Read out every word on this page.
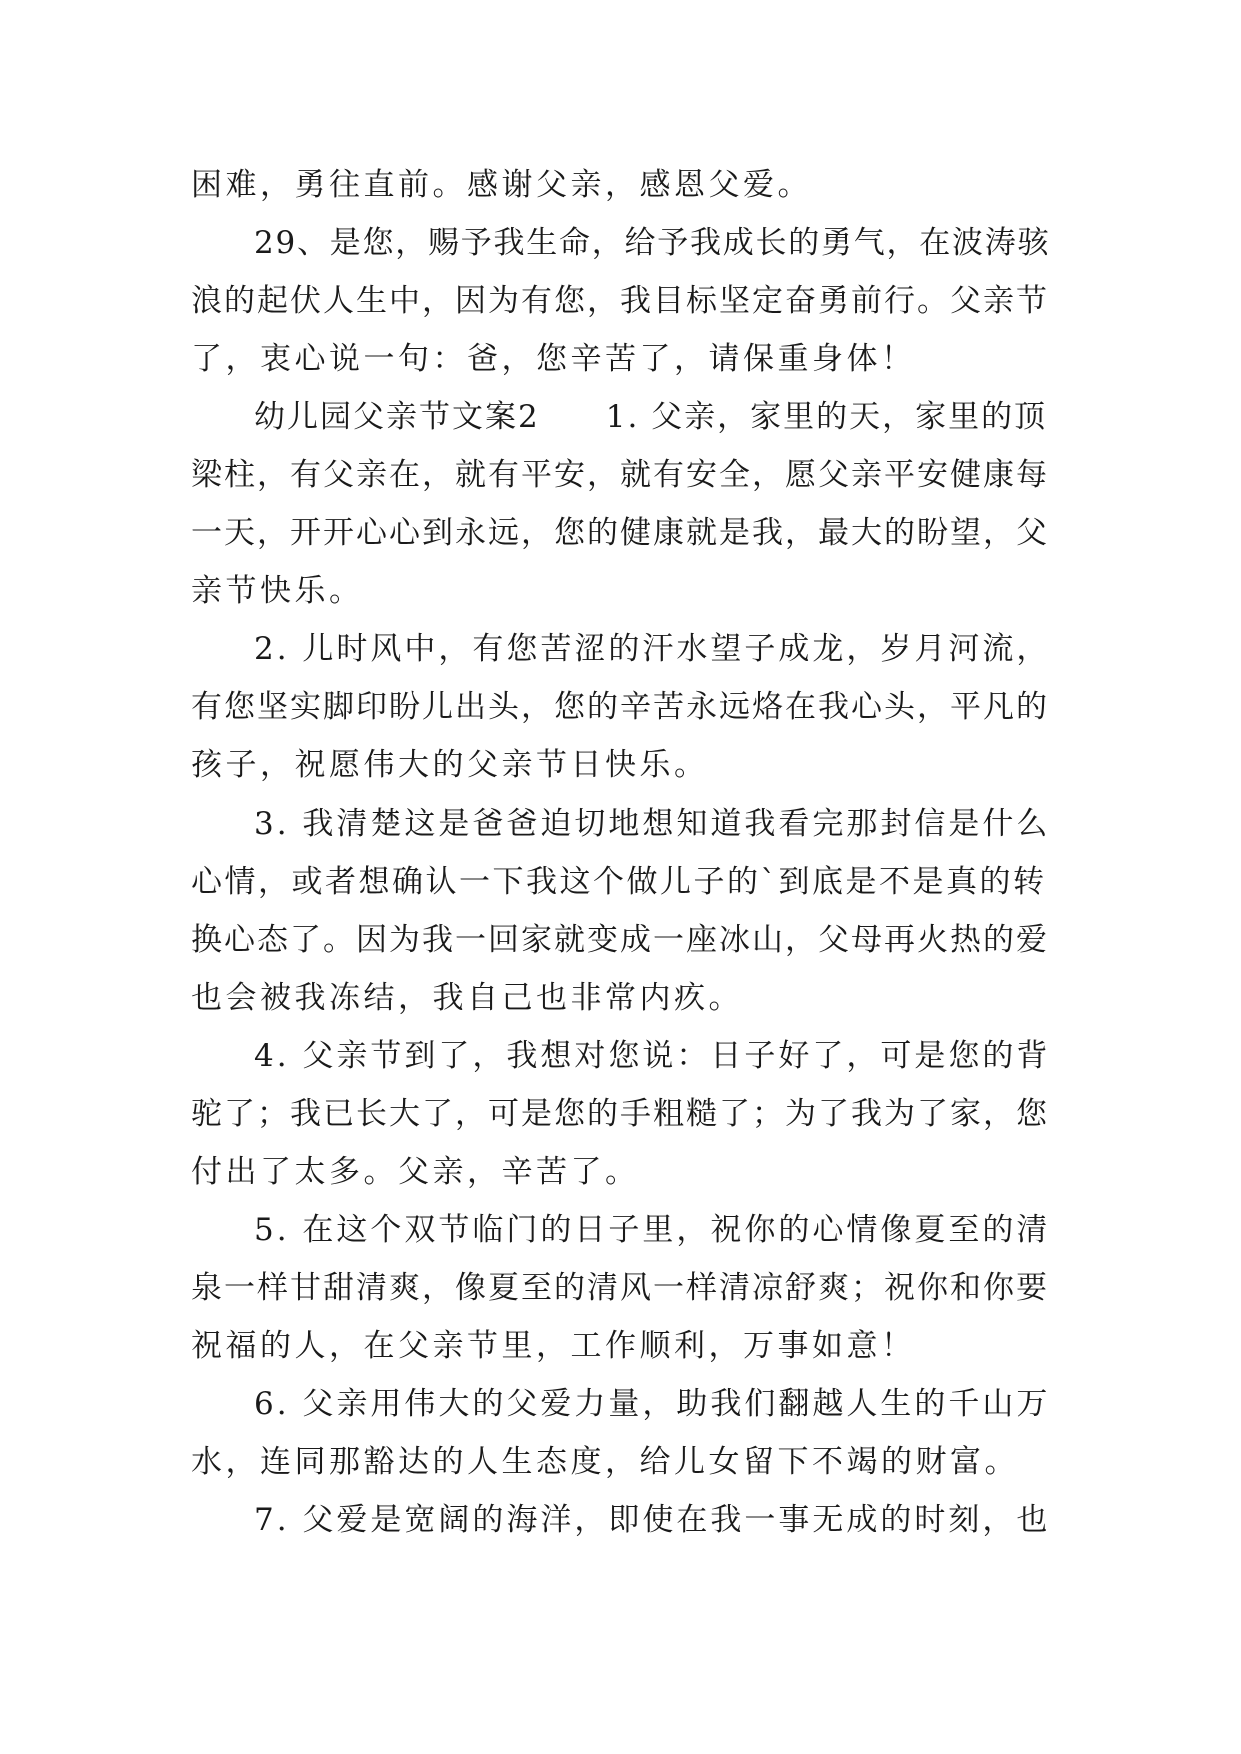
困难，勇往直前。感谢父亲，感恩父爱。
29、是您，赐予我生命，给予我成长的勇气，在波涛骇
浪的起伏人生中，因为有您，我目标坚定奋勇前行。父亲节
了，衷心说一句：爸，您辛苦了，请保重身体！
幼儿园父亲节文案2　　1. 父亲，家里的天，家里的顶
梁柱，有父亲在，就有平安，就有安全，愿父亲平安健康每
一天，开开心心到永远，您的健康就是我，最大的盼望，父
亲节快乐。
2. 儿时风中，有您苦涩的汗水望子成龙，岁月河流，
有您坚实脚印盼儿出头，您的辛苦永远烙在我心头，平凡的
孩子，祝愿伟大的父亲节日快乐。
3. 我清楚这是爸爸迫切地想知道我看完那封信是什么
心情，或者想确认一下我这个做儿子的`到底是不是真的转
换心态了。因为我一回家就变成一座冰山，父母再火热的爱
也会被我冻结，我自己也非常内疚。
4. 父亲节到了，我想对您说：日子好了，可是您的背
驼了；我已长大了，可是您的手粗糙了；为了我为了家，您
付出了太多。父亲，辛苦了。
5. 在这个双节临门的日子里，祝你的心情像夏至的清
泉一样甘甜清爽，像夏至的清风一样清凉舒爽；祝你和你要
祝福的人，在父亲节里，工作顺利，万事如意！
6. 父亲用伟大的父爱力量，助我们翻越人生的千山万
水，连同那豁达的人生态度，给儿女留下不竭的财富。
7. 父爱是宽阔的海洋，即使在我一事无成的时刻，也
